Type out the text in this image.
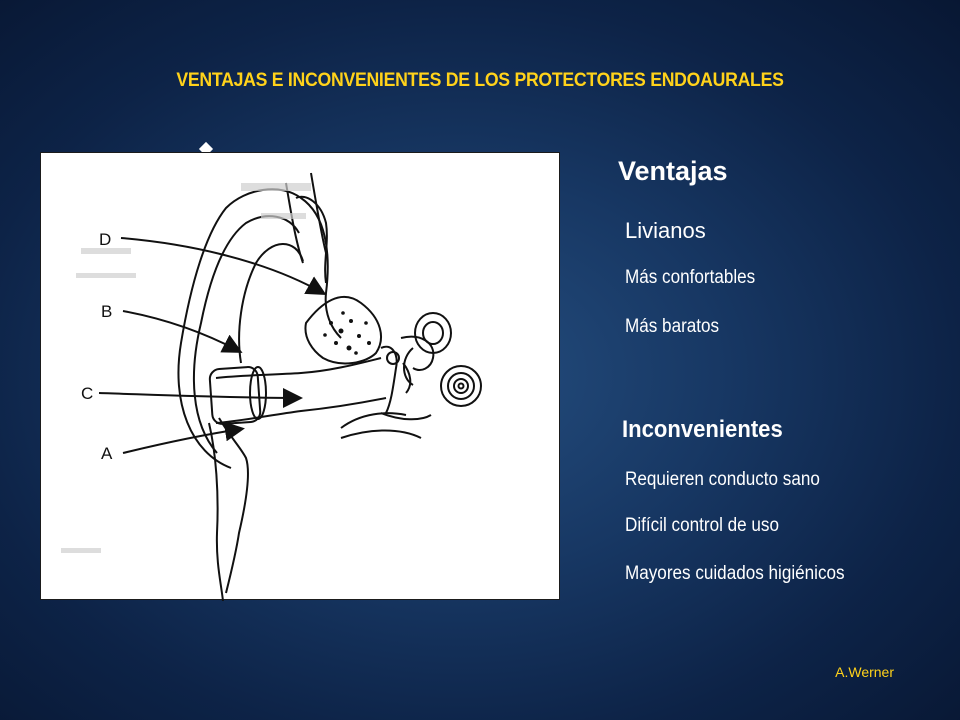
VENTAJAS E INCONVENIENTES DE LOS PROTECTORES ENDOAURALES
D
B
C
A
Ventajas
Livianos
Más confortables
Más baratos
Inconvenientes
Requieren conducto sano
Difícil control de uso
Mayores cuidados higiénicos
A.Werner
